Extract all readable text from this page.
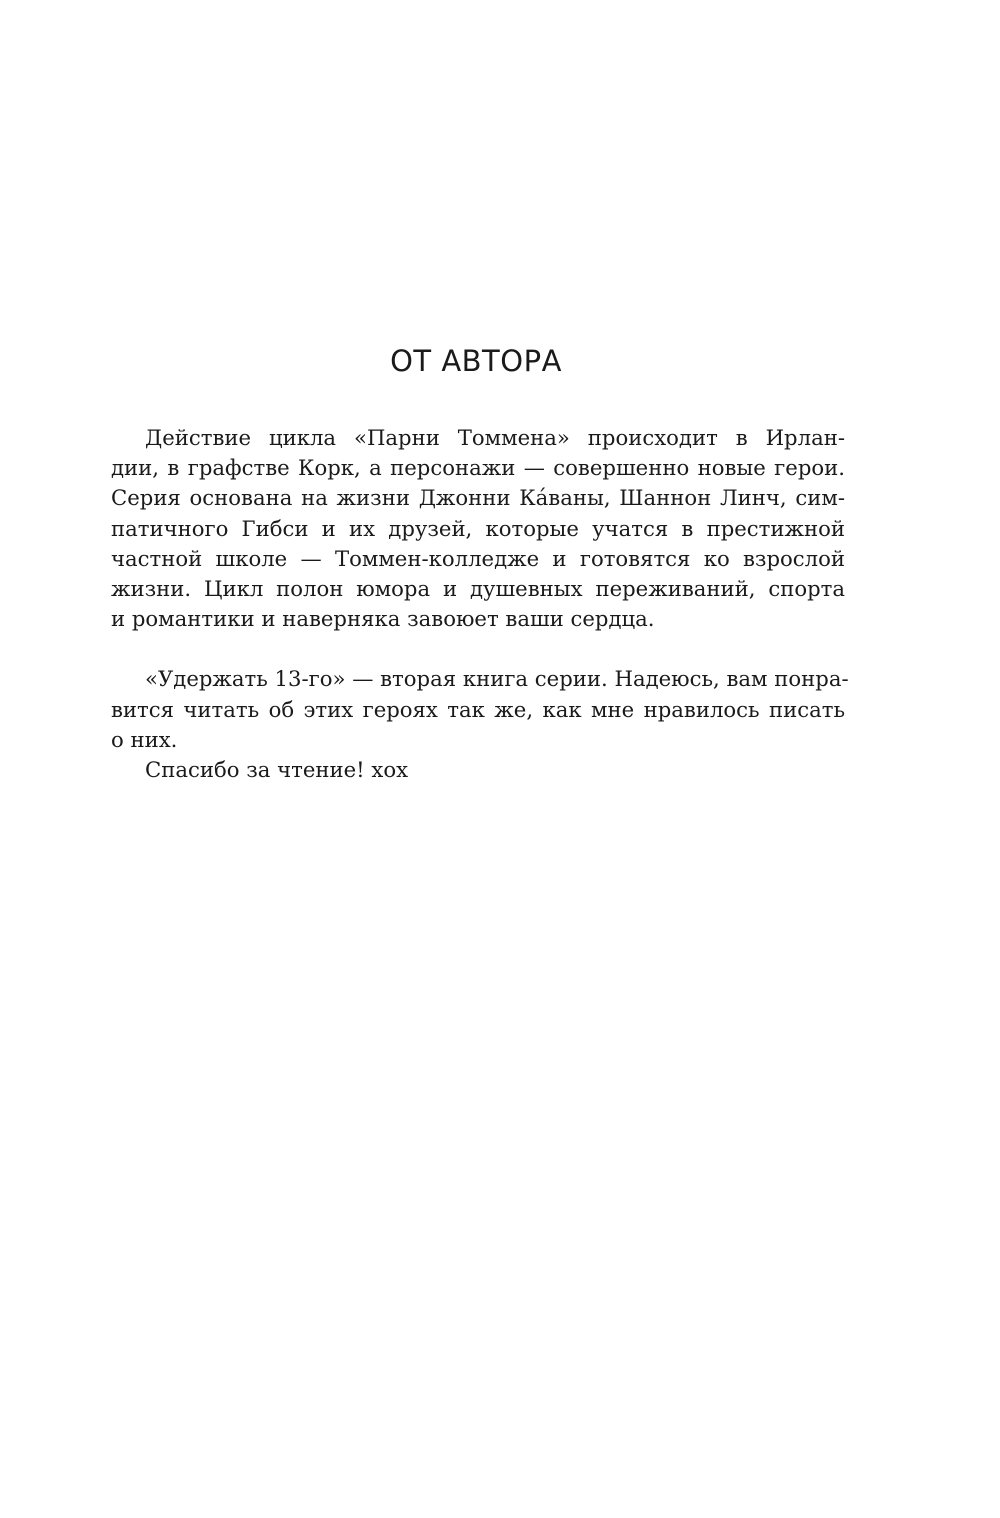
ОТ АВТОРА
Действие цикла «Парни Томмена» происходит в Ирлан-
дии, в графстве Корк, а персонажи — совершенно новые герои.
Серия основана на жизни Джонни Ка́ваны, Шаннон Линч, сим-
патичного Гибси и их друзей, которые учатся в престижной
частной школе — Томмен-колледже и готовятся ко взрослой
жизни. Цикл полон юмора и душевных переживаний, спорта
и романтики и наверняка завоюет ваши сердца.
«Удержать 13-го» — вторая книга серии. Надеюсь, вам понра-
вится читать об этих героях так же, как мне нравилось писать
о них.
Спасибо за чтение! xox
